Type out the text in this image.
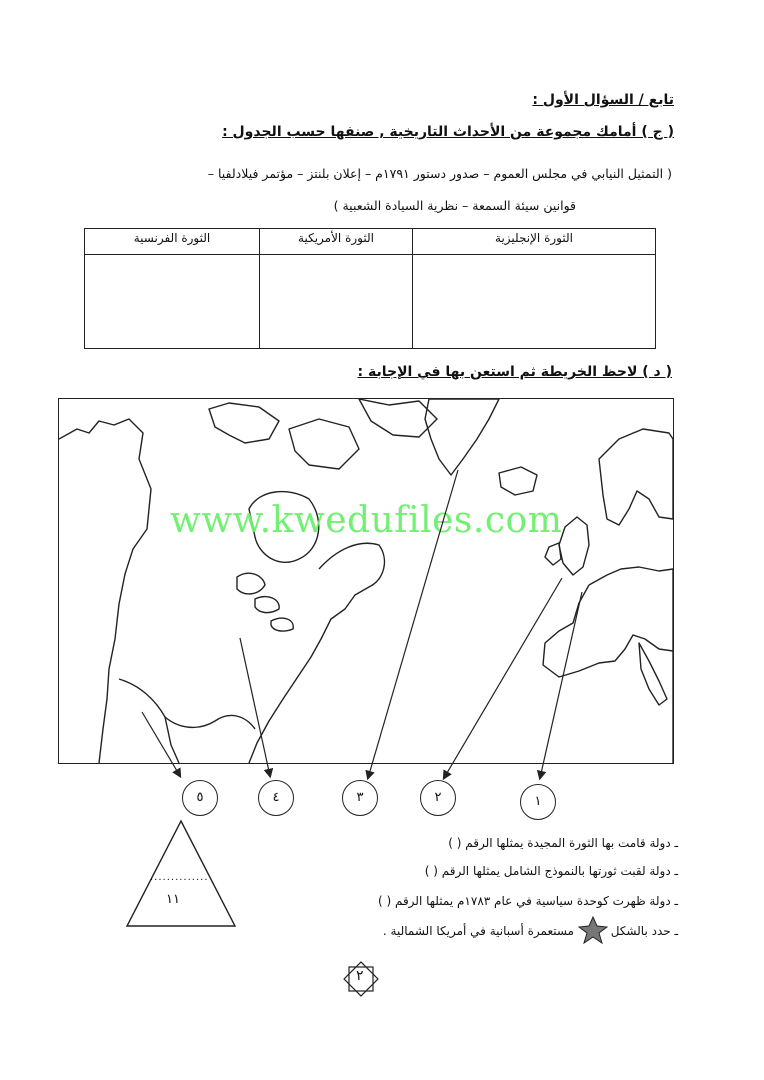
تابع / السؤال الأول :
( ج ) أمامك مجموعة من الأحداث التاريخية , صنفها حسب الجدول :
( التمثيل النيابي في مجلس العموم – صدور دستور ١٧٩١م – إعلان بلنتز – مؤتمر فيلادلفيا –
قوانين سيئة السمعة – نظرية السيادة الشعبية )
الثورة الإنجليزية	الثورة الأمريكية	الثورة الفرنسية

( د ) لاحظ الخريطة ثم استعن بها في الإجابة :
www.kwedufiles.com
٥	٤	٣	٢	١
..............
١١
ـ دولة قامت بها الثورة المجيدة يمثلها الرقم ( )
ـ دولة لقبت ثورتها بالنموذج الشامل يمثلها الرقم ( )
ـ دولة ظهرت كوحدة سياسية في عام ١٧٨٣م يمثلها الرقم ( )
ـ حدد بالشكل
مستعمرة أسبانية في أمريكا الشمالية .
٢
